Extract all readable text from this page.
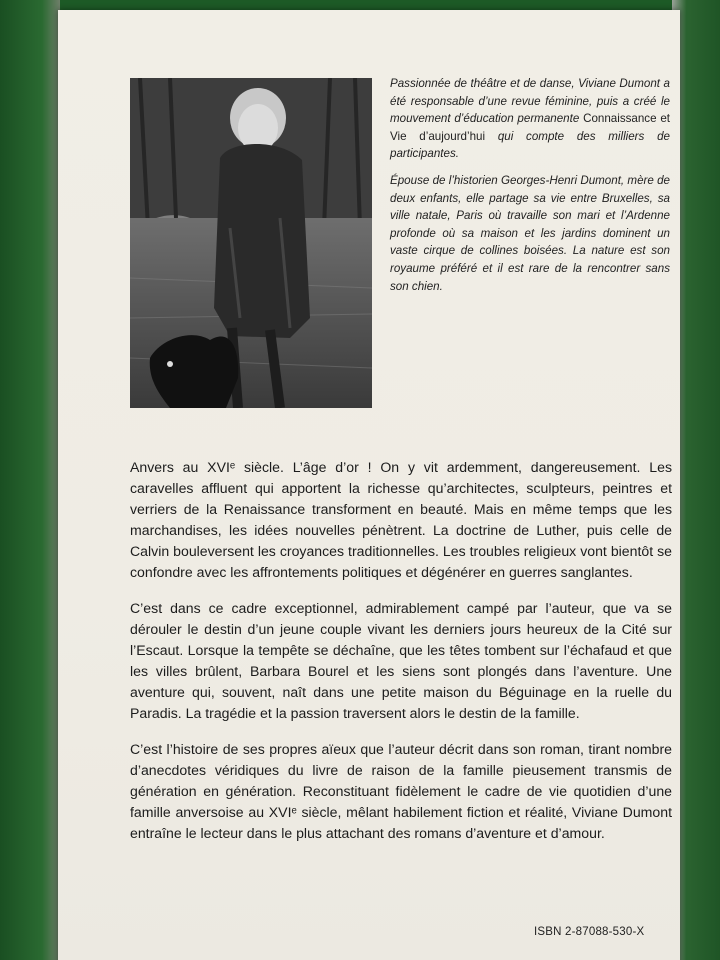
Passionnée de théâtre et de danse, Viviane Dumont a été responsable d’une revue féminine, puis a créé le mouvement d’éducation permanente Connaissance et Vie d’aujourd’hui qui compte des milliers de participantes.

Épouse de l’historien Georges-Henri Dumont, mère de deux enfants, elle partage sa vie entre Bruxelles, sa ville natale, Paris où travaille son mari et l’Ardenne profonde où sa maison et les jardins dominent un vaste cirque de collines boisées. La nature est son royaume préféré et il est rare de la rencontrer sans son chien.

Anvers au XVIᵉ siècle. L’âge d’or ! On y vit ardemment, dangereusement. Les caravelles affluent qui apportent la richesse qu’architectes, sculpteurs, peintres et verriers de la Renaissance transforment en beauté. Mais en même temps que les marchandises, les idées nouvelles pénètrent. La doctrine de Luther, puis celle de Calvin bouleversent les croyances traditionnelles. Les troubles religieux vont bientôt se confondre avec les affrontements politiques et dégénérer en guerres sanglantes.

C’est dans ce cadre exceptionnel, admirablement campé par l’auteur, que va se dérouler le destin d’un jeune couple vivant les derniers jours heureux de la Cité sur l’Escaut. Lorsque la tempête se déchaîne, que les têtes tombent sur l’échafaud et que les villes brûlent, Barbara Bourel et les siens sont plongés dans l’aventure. Une aventure qui, souvent, naît dans une petite maison du Béguinage en la ruelle du Paradis. La tragédie et la passion traversent alors le destin de la famille.

C’est l’histoire de ses propres aïeux que l’auteur décrit dans son roman, tirant nombre d’anecdotes véridiques du livre de raison de la famille pieusement transmis de génération en génération. Reconstituant fidèlement le cadre de vie quotidien d’une famille anversoise au XVIᵉ siècle, mêlant habilement fiction et réalité, Viviane Dumont entraîne le lecteur dans le plus attachant des romans d’aventure et d’amour.

ISBN 2-87088-530-X
